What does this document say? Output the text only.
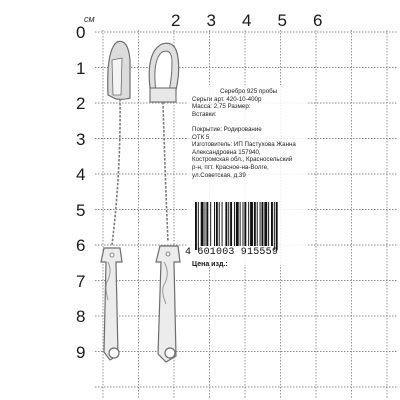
см	2 3 4 5 6
0
1
2
3
4
5
6
7
8
9
Серебро 925 пробы
Серьги арт. 420-10-400р
Масса: 2,75 Размер:
Вставки:

Покрытие: Родирование
ОТК 5
Изготовитель: ИП Пастухова Жанна
Александровна 157940,
Костромская обл., Красносельский
р-н, пгт. Красное-на-Волге,
ул.Советская, д.39
4 601003 915559
Цена изд.:
